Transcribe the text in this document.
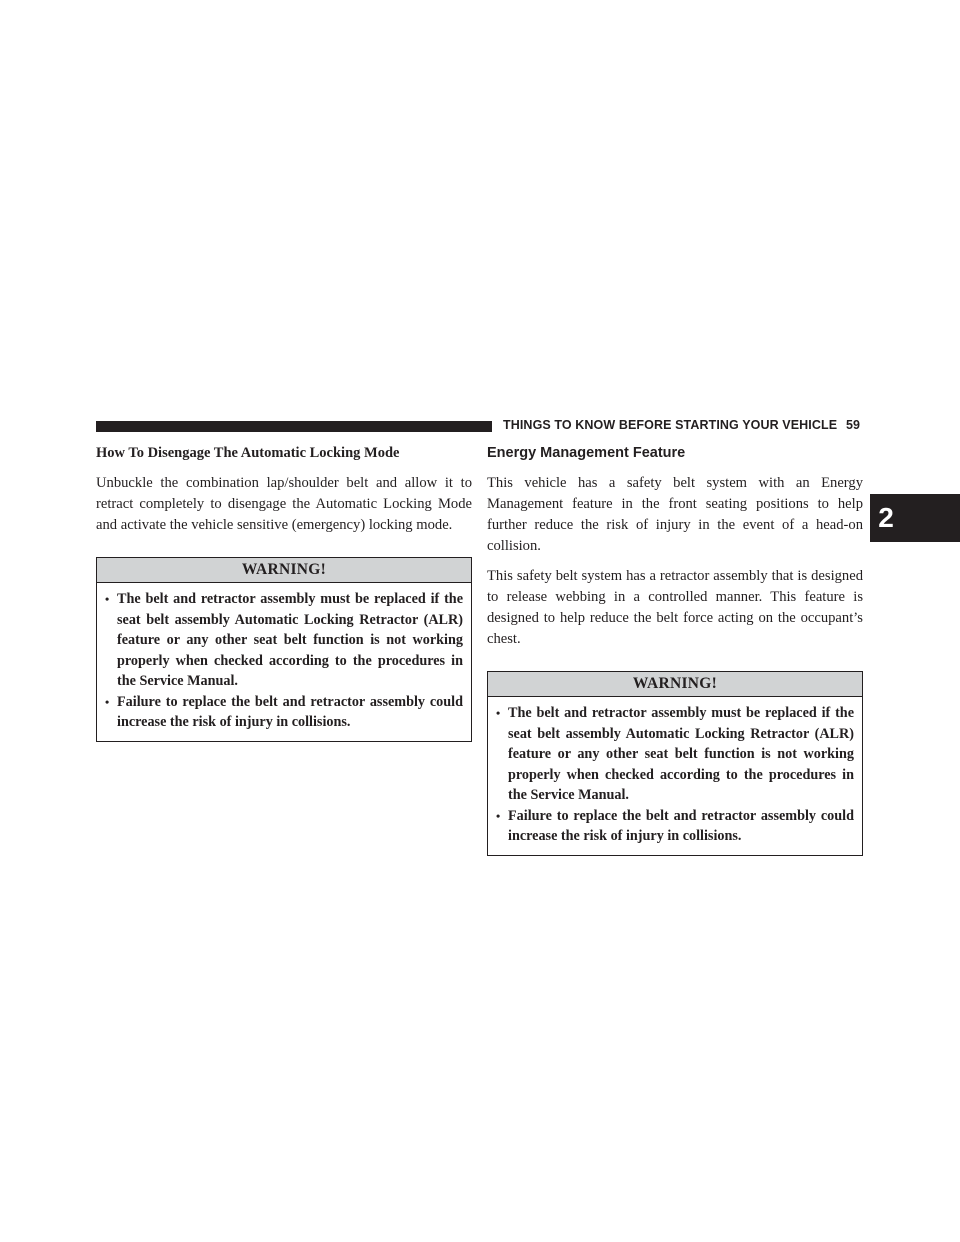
THINGS TO KNOW BEFORE STARTING YOUR VEHICLE 59
2
How To Disengage The Automatic Locking Mode

Unbuckle the combination lap/shoulder belt and allow it to retract completely to disengage the Automatic Locking Mode and activate the vehicle sensitive (emergency) locking mode.

WARNING!
• The belt and retractor assembly must be replaced if the seat belt assembly Automatic Locking Retractor (ALR) feature or any other seat belt function is not working properly when checked according to the procedures in the Service Manual.
• Failure to replace the belt and retractor assembly could increase the risk of injury in collisions.
Energy Management Feature

This vehicle has a safety belt system with an Energy Management feature in the front seating positions to help further reduce the risk of injury in the event of a head-on collision.

This safety belt system has a retractor assembly that is designed to release webbing in a controlled manner. This feature is designed to help reduce the belt force acting on the occupant’s chest.

WARNING!
• The belt and retractor assembly must be replaced if the seat belt assembly Automatic Locking Retractor (ALR) feature or any other seat belt function is not working properly when checked according to the procedures in the Service Manual.
• Failure to replace the belt and retractor assembly could increase the risk of injury in collisions.
